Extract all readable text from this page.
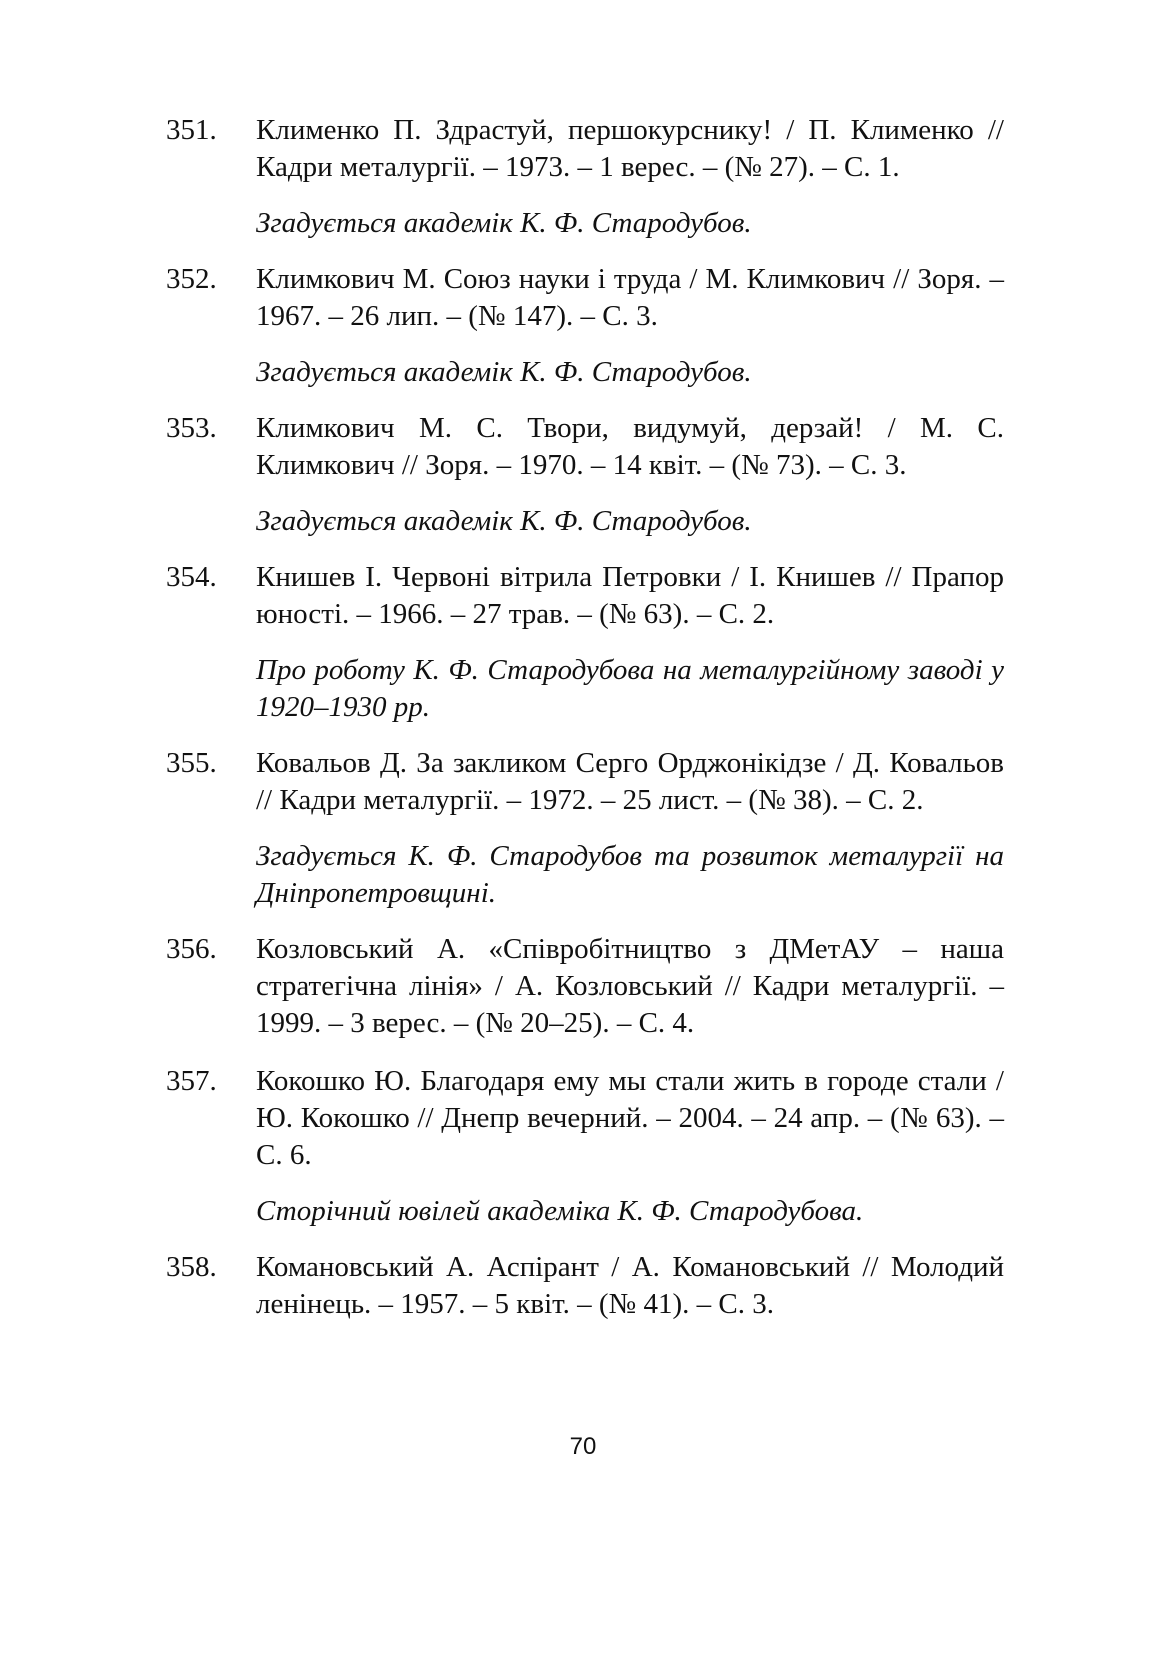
351.	Клименко П. Здрастуй, першокурснику! / П. Клименко // Кадри металургії. – 1973. – 1 верес. – (№ 27). – С. 1.
Згадується академік К. Ф. Стародубов.
352.	Климкович М. Союз науки і труда / М. Климкович // Зоря. – 1967. – 26 лип. – (№ 147). – С. 3.
Згадується академік К. Ф. Стародубов.
353.	Климкович М. С. Твори, видумуй, дерзай! / М. С. Климкович // Зоря. – 1970. – 14 квіт. – (№ 73). – С. 3.
Згадується академік К. Ф. Стародубов.
354.	Книшев І. Червоні вітрила Петровки / І. Книшев // Прапор юності. – 1966. – 27 трав. – (№ 63). – С. 2.
Про роботу К. Ф. Стародубова на металургійному заводі у 1920–1930 рр.
355.	Ковальов Д. За закликом Серго Орджонікідзе / Д. Ковальов // Кадри металургії. – 1972. – 25 лист. – (№ 38). – С. 2.
Згадується К. Ф. Стародубов та розвиток металургії на Дніпропетровщині.
356.	Козловський А. «Співробітництво з ДМетАУ – наша стратегічна лінія» / А. Козловський // Кадри металургії. – 1999. – 3 верес. – (№ 20–25). – С. 4.
357.	Кокошко Ю. Благодаря ему мы стали жить в городе стали / Ю. Кокошко // Днепр вечерний. – 2004. – 24 апр. – (№ 63). – С. 6.
Сторічний ювілей академіка К. Ф. Стародубова.
358.	Комановський А. Аспірант / А. Комановський // Молодий ленінець. – 1957. – 5 квіт. – (№ 41). – С. 3.
70
